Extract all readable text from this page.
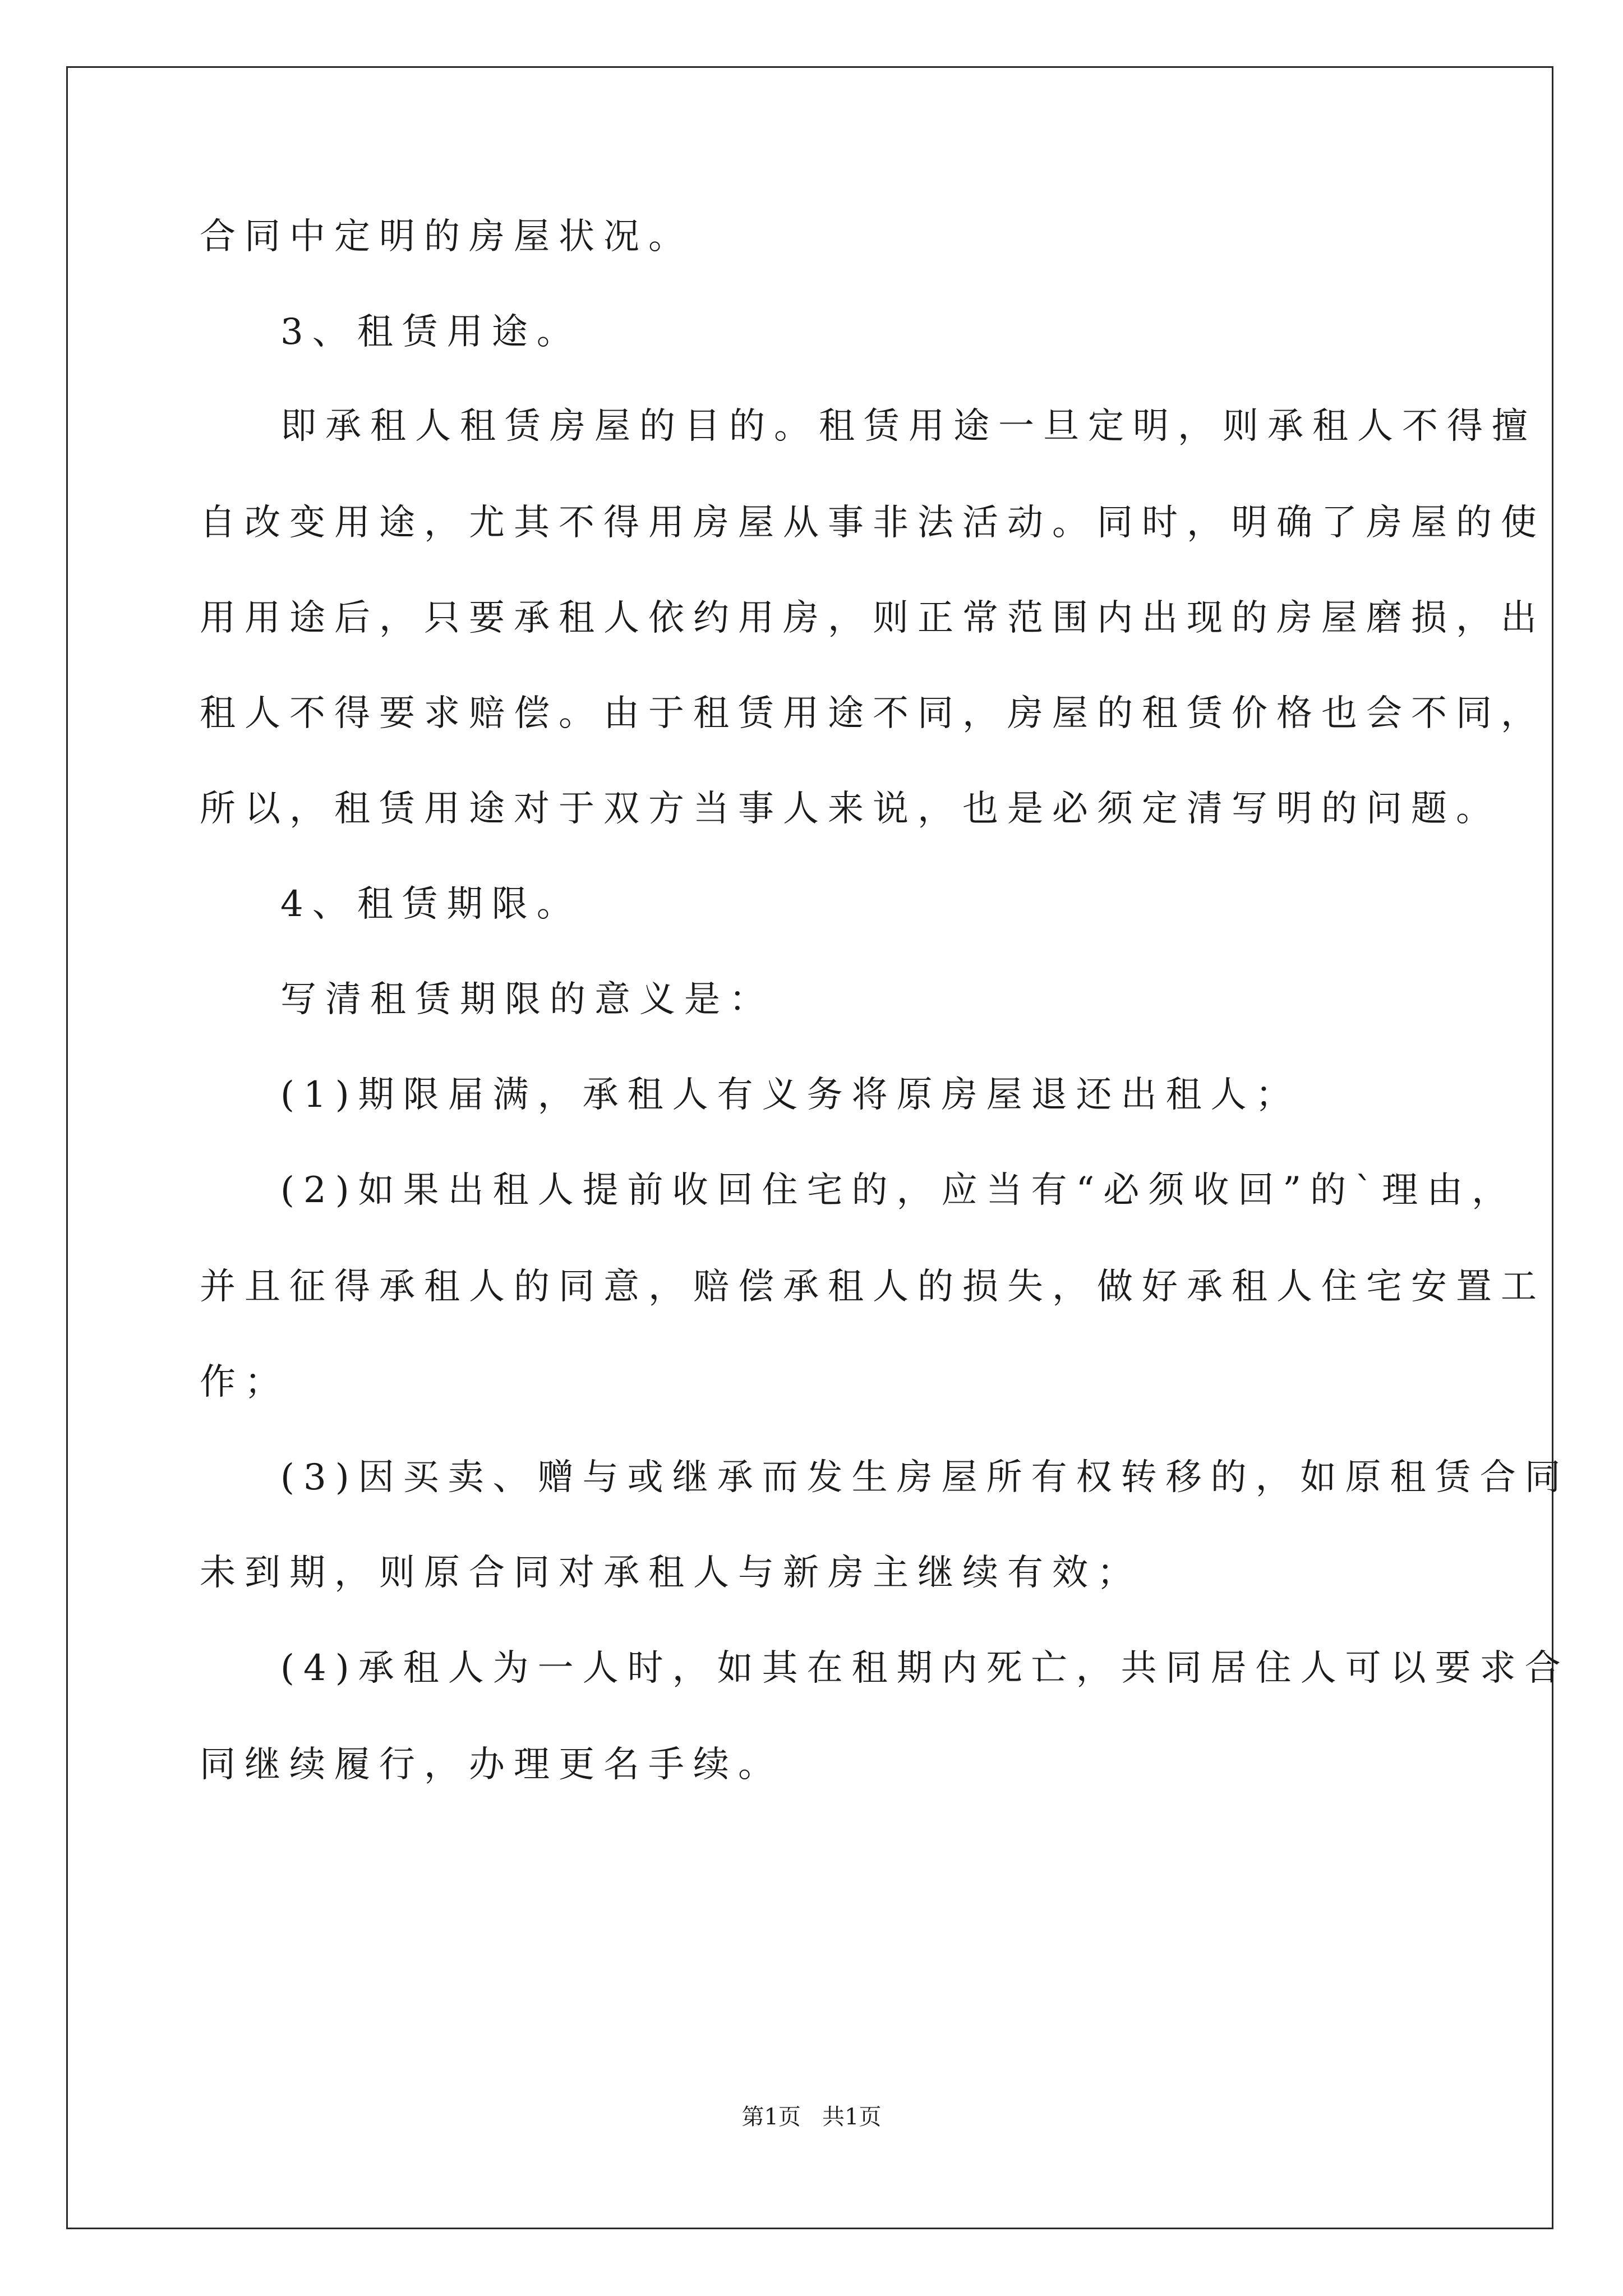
合同中定明的房屋状况。
3、租赁用途。
即承租人租赁房屋的目的。租赁用途一旦定明，则承租人不得擅
自改变用途，尤其不得用房屋从事非法活动。同时，明确了房屋的使
用用途后，只要承租人依约用房，则正常范围内出现的房屋磨损，出
租人不得要求赔偿。由于租赁用途不同，房屋的租赁价格也会不同，
所以，租赁用途对于双方当事人来说，也是必须定清写明的问题。
4、租赁期限。
写清租赁期限的意义是：
(1)期限届满，承租人有义务将原房屋退还出租人；
(2)如果出租人提前收回住宅的，应当有“必须收回”的`理由，
并且征得承租人的同意，赔偿承租人的损失，做好承租人住宅安置工
作；
(3)因买卖、赠与或继承而发生房屋所有权转移的，如原租赁合同
未到期，则原合同对承租人与新房主继续有效；
(4)承租人为一人时，如其在租期内死亡，共同居住人可以要求合
同继续履行，办理更名手续。
第1页   共1页
